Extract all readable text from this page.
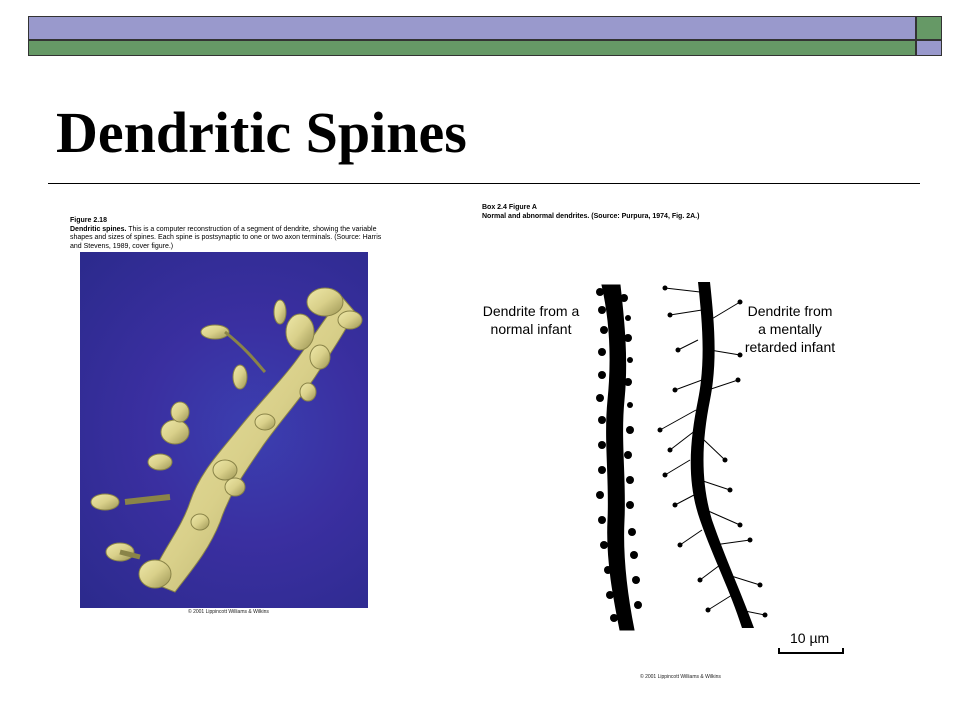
Dendritic Spines
Figure 2.18
Dendritic spines. This is a computer reconstruction of a segment of dendrite, showing the variable shapes and sizes of spines. Each spine is postsynaptic to one or two axon terminals. (Source: Harris and Stevens, 1989, cover figure.)
© 2001 Lippincott Williams & Wilkins
Box 2.4 Figure A
Normal and abnormal dendrites. (Source: Purpura, 1974, Fig. 2A.)
Dendrite from a
normal infant
Dendrite from
a mentally
retarded infant
10 µm
© 2001 Lippincott Williams & Wilkins
